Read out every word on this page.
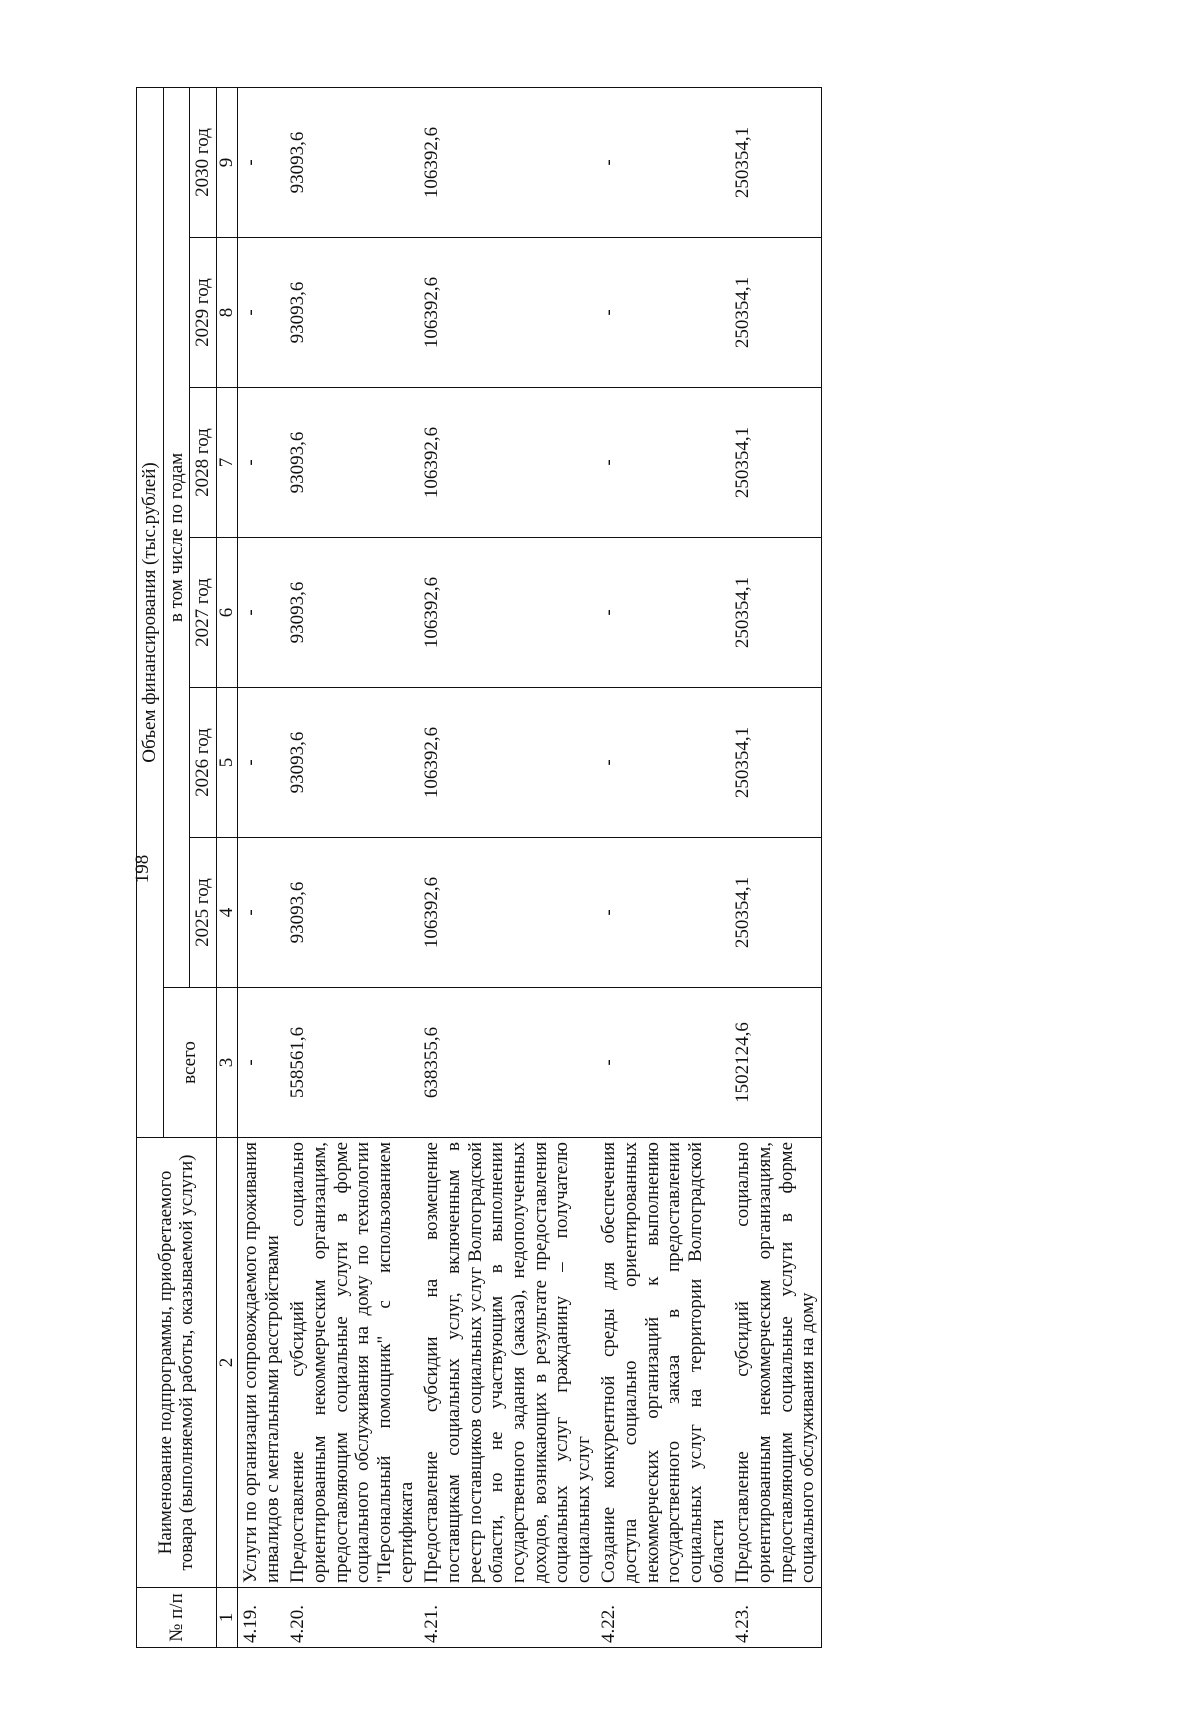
198
№ п/п	Наименование подпрограммы, приобретаемого товара (выполняемой работы, оказываемой услуги)	Объем финансирования (тыс.рублей)						
		всего	в том числе по годам					
			2025 год	2026 год	2027 год	2028 год	2029 год	2030 год
1	2	3	4	5	6	7	8	9
4.19.	Услуги по организации сопровождаемого проживания инвалидов с ментальными расстройствами	-	-	-	-	-	-	-
4.20.	Предоставление субсидий социально ориентированным некоммерческим организациям, предоставляющим социальные услуги в форме социального обслуживания на дому по технологии "Персональный помощник" с использованием сертификата	558561,6	93093,6	93093,6	93093,6	93093,6	93093,6	93093,6
4.21.	Предоставление субсидии на возмещение поставщикам социальных услуг, включенным в реестр поставщиков социальных услуг Волгоградской области, но не участвующим в выполнении государственного задания (заказа), недополученных доходов, возникающих в результате предоставления социальных услуг гражданину – получателю социальных услуг	638355,6	106392,6	106392,6	106392,6	106392,6	106392,6	106392,6
4.22.	Создание конкурентной среды для обеспечения доступа социально ориентированных некоммерческих организаций к выполнению государственного заказа в предоставлении социальных услуг на территории Волгоградской области	-	-	-	-	-	-	-
4.23.	Предоставление субсидий социально ориентированным некоммерческим организациям, предоставляющим социальные услуги в форме социального обслуживания на дому	1502124,6	250354,1	250354,1	250354,1	250354,1	250354,1	250354,1
